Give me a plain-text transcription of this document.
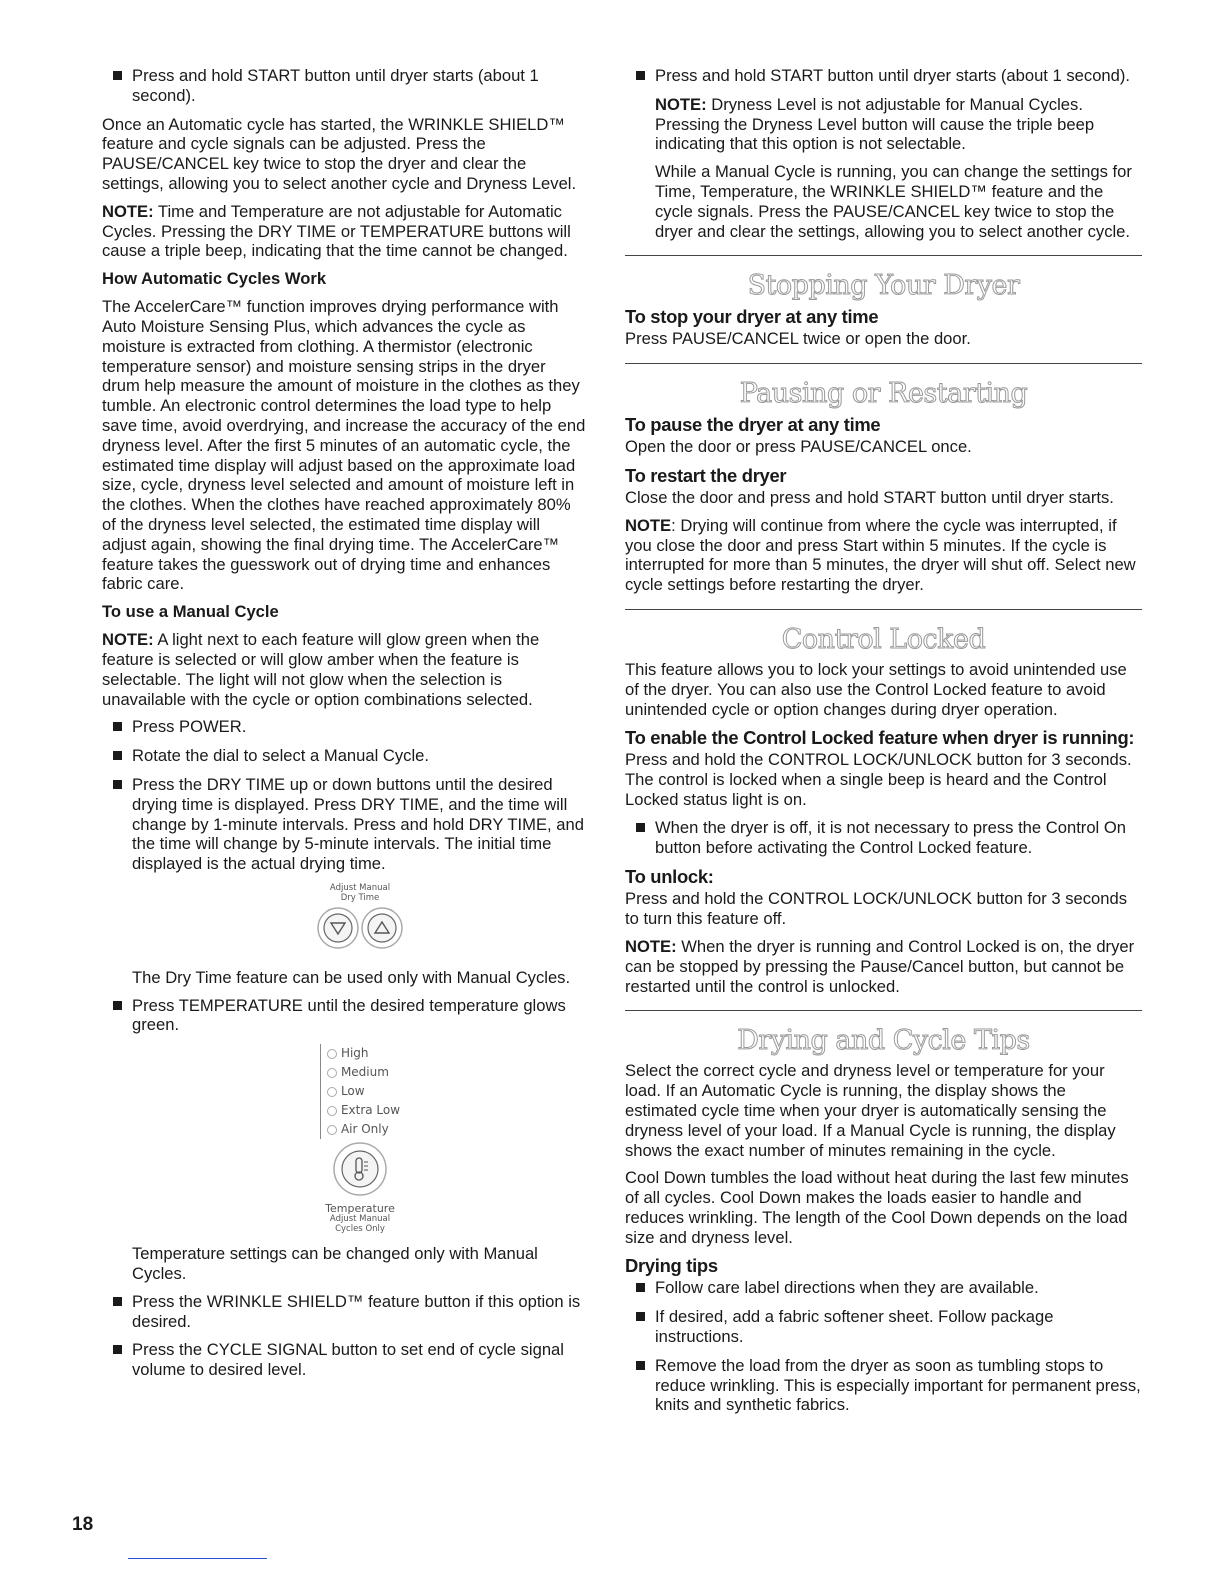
Press and hold START button until dryer starts (about 1 second).

Once an Automatic cycle has started, the WRINKLE SHIELD™ feature and cycle signals can be adjusted. Press the PAUSE/CANCEL key twice to stop the dryer and clear the settings, allowing you to select another cycle and Dryness Level.

NOTE: Time and Temperature are not adjustable for Automatic Cycles. Pressing the DRY TIME or TEMPERATURE buttons will cause a triple beep, indicating that the time cannot be changed.

How Automatic Cycles Work

The AccelerCare™ function improves drying performance with Auto Moisture Sensing Plus, which advances the cycle as moisture is extracted from clothing. A thermistor (electronic temperature sensor) and moisture sensing strips in the dryer drum help measure the amount of moisture in the clothes as they tumble. An electronic control determines the load type to help save time, avoid overdrying, and increase the accuracy of the end dryness level. After the first 5 minutes of an automatic cycle, the estimated time display will adjust based on the approximate load size, cycle, dryness level selected and amount of moisture left in the clothes. When the clothes have reached approximately 80% of the dryness level selected, the estimated time display will adjust again, showing the final drying time. The AccelerCare™ feature takes the guesswork out of drying time and enhances fabric care.

To use a Manual Cycle

NOTE: A light next to each feature will glow green when the feature is selected or will glow amber when the feature is selectable. The light will not glow when the selection is unavailable with the cycle or option combinations selected.

Press POWER.
Rotate the dial to select a Manual Cycle.
Press the DRY TIME up or down buttons until the desired drying time is displayed. Press DRY TIME, and the time will change by 1-minute intervals. Press and hold DRY TIME, and the time will change by 5-minute intervals. The initial time displayed is the actual drying time.
Adjust Manual
Dry Time

The Dry Time feature can be used only with Manual Cycles.

Press TEMPERATURE until the desired temperature glows green.
High
Medium
Low
Extra Low
Air Only
Temperature
Adjust Manual
Cycles Only

Temperature settings can be changed only with Manual Cycles.

Press the WRINKLE SHIELD™ feature button if this option is desired.
Press the CYCLE SIGNAL button to set end of cycle signal volume to desired level.
Press and hold START button until dryer starts (about 1 second).

NOTE: Dryness Level is not adjustable for Manual Cycles. Pressing the Dryness Level button will cause the triple beep indicating that this option is not selectable.

While a Manual Cycle is running, you can change the settings for Time, Temperature, the WRINKLE SHIELD™ feature and the cycle signals. Press the PAUSE/CANCEL key twice to stop the dryer and clear the settings, allowing you to select another cycle.

Stopping Your Dryer
To stop your dryer at any time

Press PAUSE/CANCEL twice or open the door.

Pausing or Restarting
To pause the dryer at any time

Open the door or press PAUSE/CANCEL once.

To restart the dryer

Close the door and press and hold START button until dryer starts.

NOTE: Drying will continue from where the cycle was interrupted, if you close the door and press Start within 5 minutes. If the cycle is interrupted for more than 5 minutes, the dryer will shut off. Select new cycle settings before restarting the dryer.

Control Locked

This feature allows you to lock your settings to avoid unintended use of the dryer. You can also use the Control Locked feature to avoid unintended cycle or option changes during dryer operation.

To enable the Control Locked feature when dryer is running:

Press and hold the CONTROL LOCK/UNLOCK button for 3 seconds. The control is locked when a single beep is heard and the Control Locked status light is on.

When the dryer is off, it is not necessary to press the Control On button before activating the Control Locked feature.
To unlock:

Press and hold the CONTROL LOCK/UNLOCK button for 3 seconds to turn this feature off.

NOTE: When the dryer is running and Control Locked is on, the dryer can be stopped by pressing the Pause/Cancel button, but cannot be restarted until the control is unlocked.

Drying and Cycle Tips

Select the correct cycle and dryness level or temperature for your load. If an Automatic Cycle is running, the display shows the estimated cycle time when your dryer is automatically sensing the dryness level of your load. If a Manual Cycle is running, the display shows the exact number of minutes remaining in the cycle.

Cool Down tumbles the load without heat during the last few minutes of all cycles. Cool Down makes the loads easier to handle and reduces wrinkling. The length of the Cool Down depends on the load size and dryness level.

Drying tips
Follow care label directions when they are available.
If desired, add a fabric softener sheet. Follow package instructions.
Remove the load from the dryer as soon as tumbling stops to reduce wrinkling. This is especially important for permanent press, knits and synthetic fabrics.
18
